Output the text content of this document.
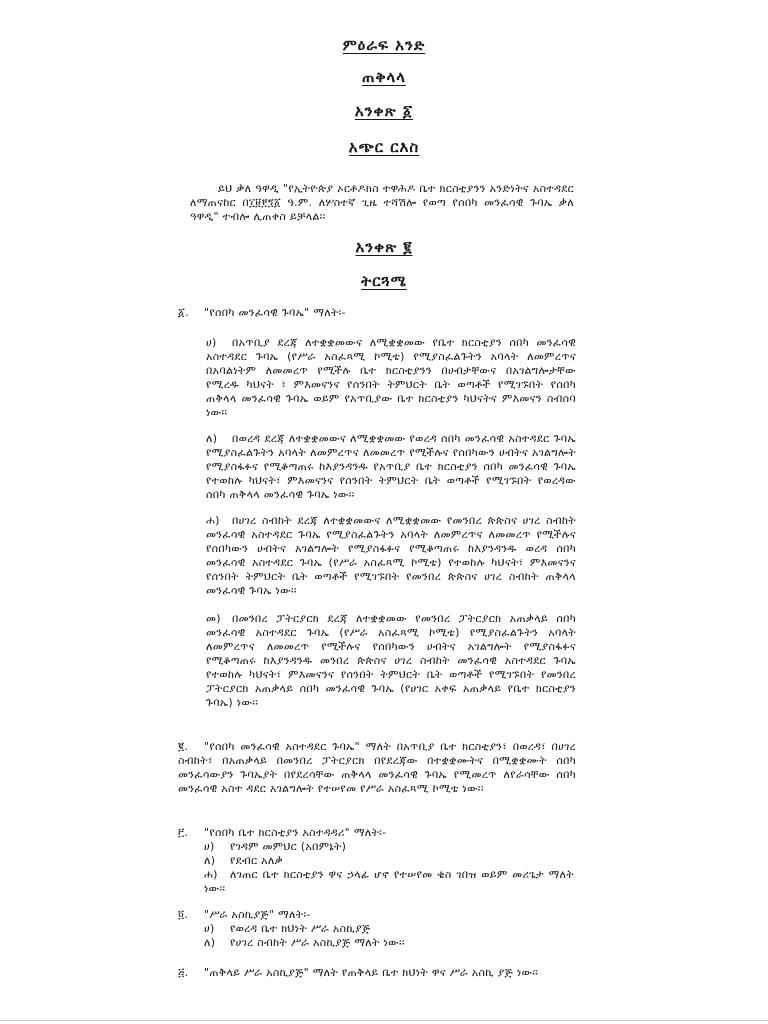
ምዕራፍ አንድ
ጠቅላላ
አንቀጽ ፩
አጭር ርእስ
ይህ ቃለ ዓዋዲ "የኢትዮጵያ ኦርቶዶክስ ተዋሕዶ ቤተ ክርስቲያንን አንድነትና አስተዳደር ለማጠናከር በ፲፱፻፺፩ ዓ.ም. ለሦስተኛ ጊዜ ተሻሽሎ የወጣ የሰበካ መንፈሳዊ ጉባኤ ቃለ ዓዋዲ" ተብሎ ሊጠቀስ ይቻላል፡፡
አንቀጽ ፪
ትርጓሜ
፩. "የሰበካ መንፈሳዊ ጉባኤ" ማለት፡-
ሀ) በአጥቢያ ደረጃ ለተቋቋመውና ለሚቋቋመው የቤተ ክርስቲያን ሰበካ መንፈሳዊ አስተዳደር ጉባኤ (የሥራ አስፈጻሚ ኮሚቴ) የሚያስፈልጉትን አባላት ለመምረጥና በአባልነትም ለመመረጥ የሚችሉ ቤተ ክርስቲያንን በሀብታቸውና በአገልግሎታቸው የሚረዱ ካህናት ፣ ምእመናንና የሰንበት ትምህርት ቤት ወጣቶች የሚገኙበት የሰበካ ጠቅላላ መንፈሳዊ ጉባኤ ወይም የአጥቢያው ቤተ ክርስቲያን ካህናትና ምእመናን ስብሰባ ነው፡፡
ለ) በወረዳ ደረጃ ለተቋቋመውና ለሚቋቋመው የወረዳ ሰበካ መንፈሳዊ አስተዳደር ጉባኤ የሚያስፈልጉትን አባላት ለመምረጥና ለመመረጥ የሚችሉና የሰበካውን ሀብትና አገልግሎት የሚያስፋፉና የሚቆጣጠሩ ከእያንዳንዱ የአጥቢያ ቤተ ክርስቲያን ሰበካ መንፈሳዊ ጉባኤ የተወከሉ ካህናት፣ ምእመናንና የሰንበት ትምህርት ቤት ወጣቶች የሚገኙበት የወረዳው ሰበካ ጠቅላላ መንፈሳዊ ጉባኤ ነው፡፡
ሐ) በሀገረ ስብከት ደረጃ ለተቋቋመውና ለሚቋቋመው የመንበረ ጵጵስና ሀገረ ስብከት መንፈሳዊ አስተዳደር ጉባኤ የሚያስፈልጉትን አባላት ለመምረጥና ለመመረጥ የሚችሉና የሰበካውን ሀብትና አገልግሎት የሚያስፋፉና የሚቆጣጠሩ ከእያንዳንዱ ወረዳ ሰበካ መንፈሳዊ አስተዳደር ጉባኤ (የሥራ አስፈጻሚ ኮሚቴ) የተወከሉ ካህናት፣ ምእመናንና የሰንበት ትምህርት ቤት ወጣቶች የሚገኙበት የመንበረ ጵጵስና ሀገረ ስብከት ጠቅላላ መንፈሳዊ ጉባኤ ነው፡፡
መ) በመንበረ ፓትርያርክ ደረጃ ለተቋቋመው የመንበረ ፓትርያርክ አጠቃላይ ሰበካ መንፈሳዊ አስተዳደር ጉባኤ (የሥራ አስፈጻሚ ኮሚቴ) የሚያስፈልጉትን አባላት ለመምረጥና ለመመረጥ የሚችሉና የሰበካውን ሀብትና አገልግሎት የሚያስፋፉና የሚቆጣጠሩ ከእያንዳንዱ መንበረ ጵጵስና ሀገረ ስብከት መንፈሳዊ አስተዳደር ጉባኤ የተወከሉ ካህናት፣ ምእመናንና የሰንበት ትምህርት ቤት ወጣቶች የሚገኙበት የመንበረ ፓትርያርክ አጠቃላይ ሰበካ መንፈሳዊ ጉባኤ (የሀገር አቀፍ አጠቃላይ የቤተ ክርስቲያን ጉባኤ) ነው፡፡
፪. "የሰበካ መንፈሳዊ አስተዳደር ጉባኤ" ማለት በአጥቢያ ቤተ ክርስቲያን፣ በወረዳ፣ በሀገረ ስብከት፣ በአጠቃላይ በመንበረ ፓትርያርክ በየደረጃው በተቋቋሙትና በሚቋቋሙት ሰበካ መንፈሳውያን ጉባኤያት በየደረሳቸው ጠቅላላ መንፈሳዊ ጉባኤ የሚመረጥ ለየራሳቸው ሰበካ መንፈሳዊ አስተ ዳደር አገልግሎት የተሠየመ የሥራ አስፈጻሚ ኮሚቴ ነው፡፡
፫. "የሰበካ ቤተ ክርስቲያን አስተዳዳሪ" ማለት፡-
ሀ) የገዳም መምህር (አበምኔት)
ለ) የደብር አለቃ
ሐ) ለገጠር ቤተ ክርስቲያን ዋና ኃላፊ ሆኖ የተሠየመ ቄስ ገበዝ ወይም መሪጌታ ማለት ነው፡፡
፬. "ሥራ አስኪያጅ" ማለት፡-
ሀ) የወረዳ ቤተ ክህነት ሥራ አስኪያጅ
ለ) የሀገረ ስብከት ሥራ አስኪያጅ ማለት ነው፡፡
፭. "ጠቅላይ ሥራ አስኪያጅ" ማለት የጠቅላይ ቤተ ክህነት ዋና ሥራ አስኪ ያጅ ነው፡፡
